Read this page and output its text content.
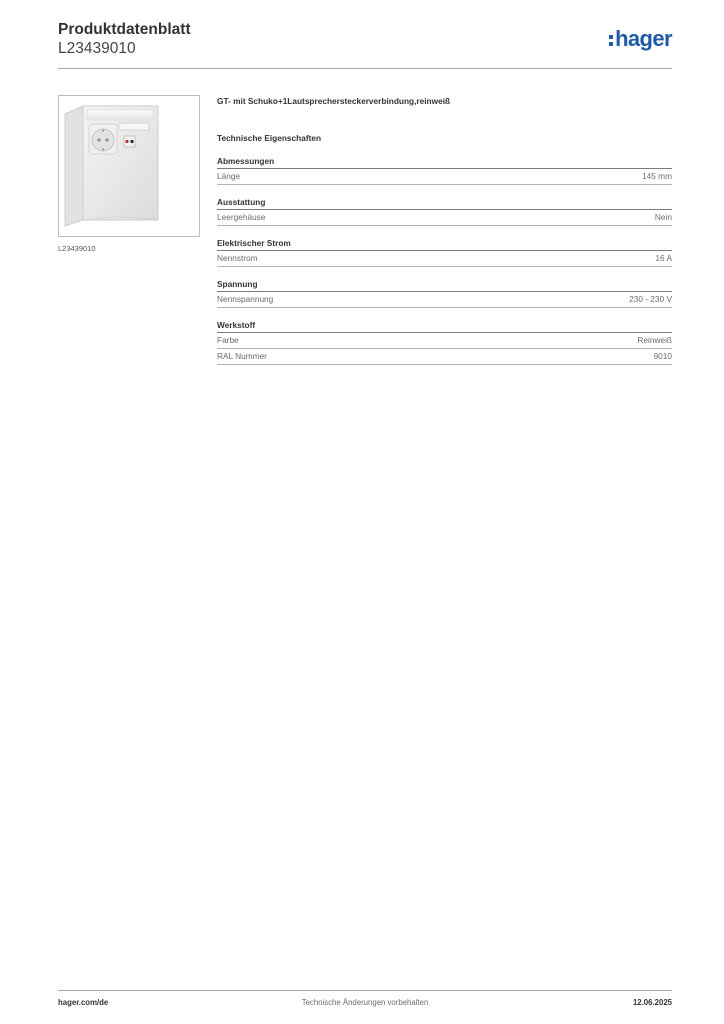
Produktdatenblatt
L23439010	hager
L23439010
GT- mit Schuko+1Lautsprechersteckerverbindung,reinweiß
Technische Eigenschaften
Abmessungen
Länge	145 mm
Ausstattung
Leergehäuse	Nein
Elektrischer Strom
Nennstrom	16 A
Spannung
Nennspannung	230 - 230 V
Werkstoff
Farbe	Reinweiß
RAL Nummer	9010
hager.com/de	Technische Änderungen vorbehalten	12.06.2025
